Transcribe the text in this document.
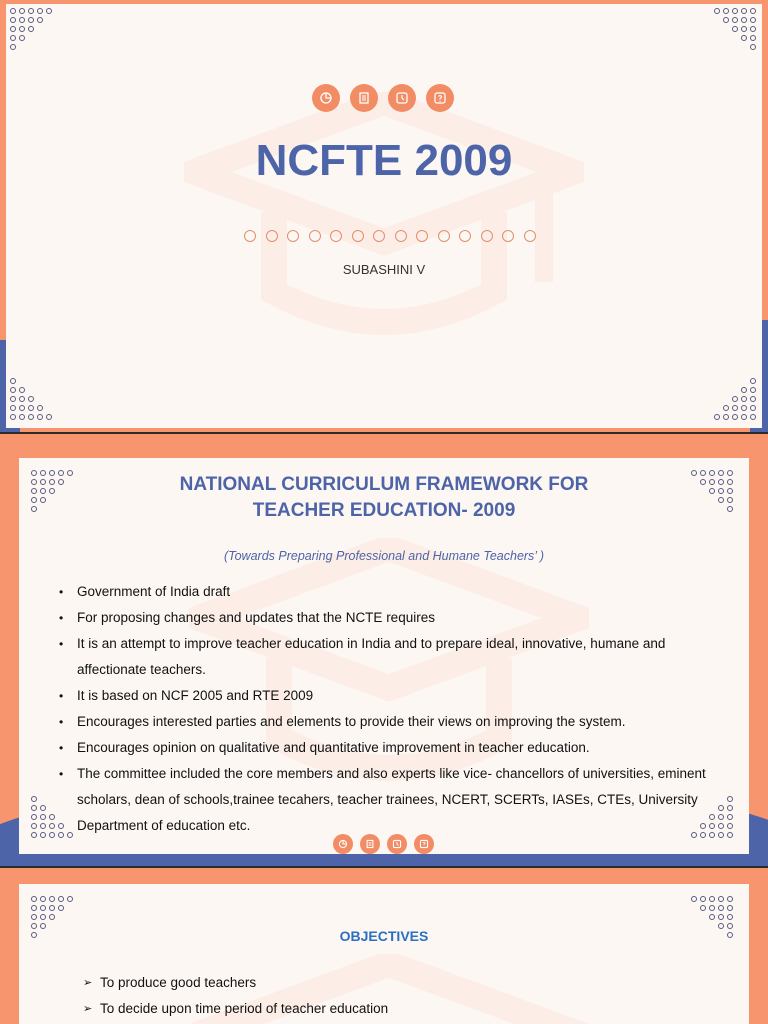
NCFTE 2009
SUBASHINI V
NATIONAL CURRICULUM FRAMEWORK FOR
TEACHER EDUCATION- 2009
(Towards Preparing Professional and Humane Teachers’ )
• Government of India draft
• For proposing changes and updates that the NCTE requires
• It is an attempt to improve teacher education in India and to prepare ideal, innovative, humane and affectionate teachers.
• It is based on NCF 2005 and RTE 2009
• Encourages interested parties and elements to provide their views on improving the system.
• Encourages opinion on qualitative and quantitative improvement in teacher education.
• The committee included the core members and also experts like vice- chancellors of universities, eminent scholars, dean of schools,trainee tecahers, teacher trainees, NCERT, SCERTs, IASEs, CTEs, University Department of education etc.
OBJECTIVES
➢ To produce good teachers
➢ To decide upon time period of teacher education
